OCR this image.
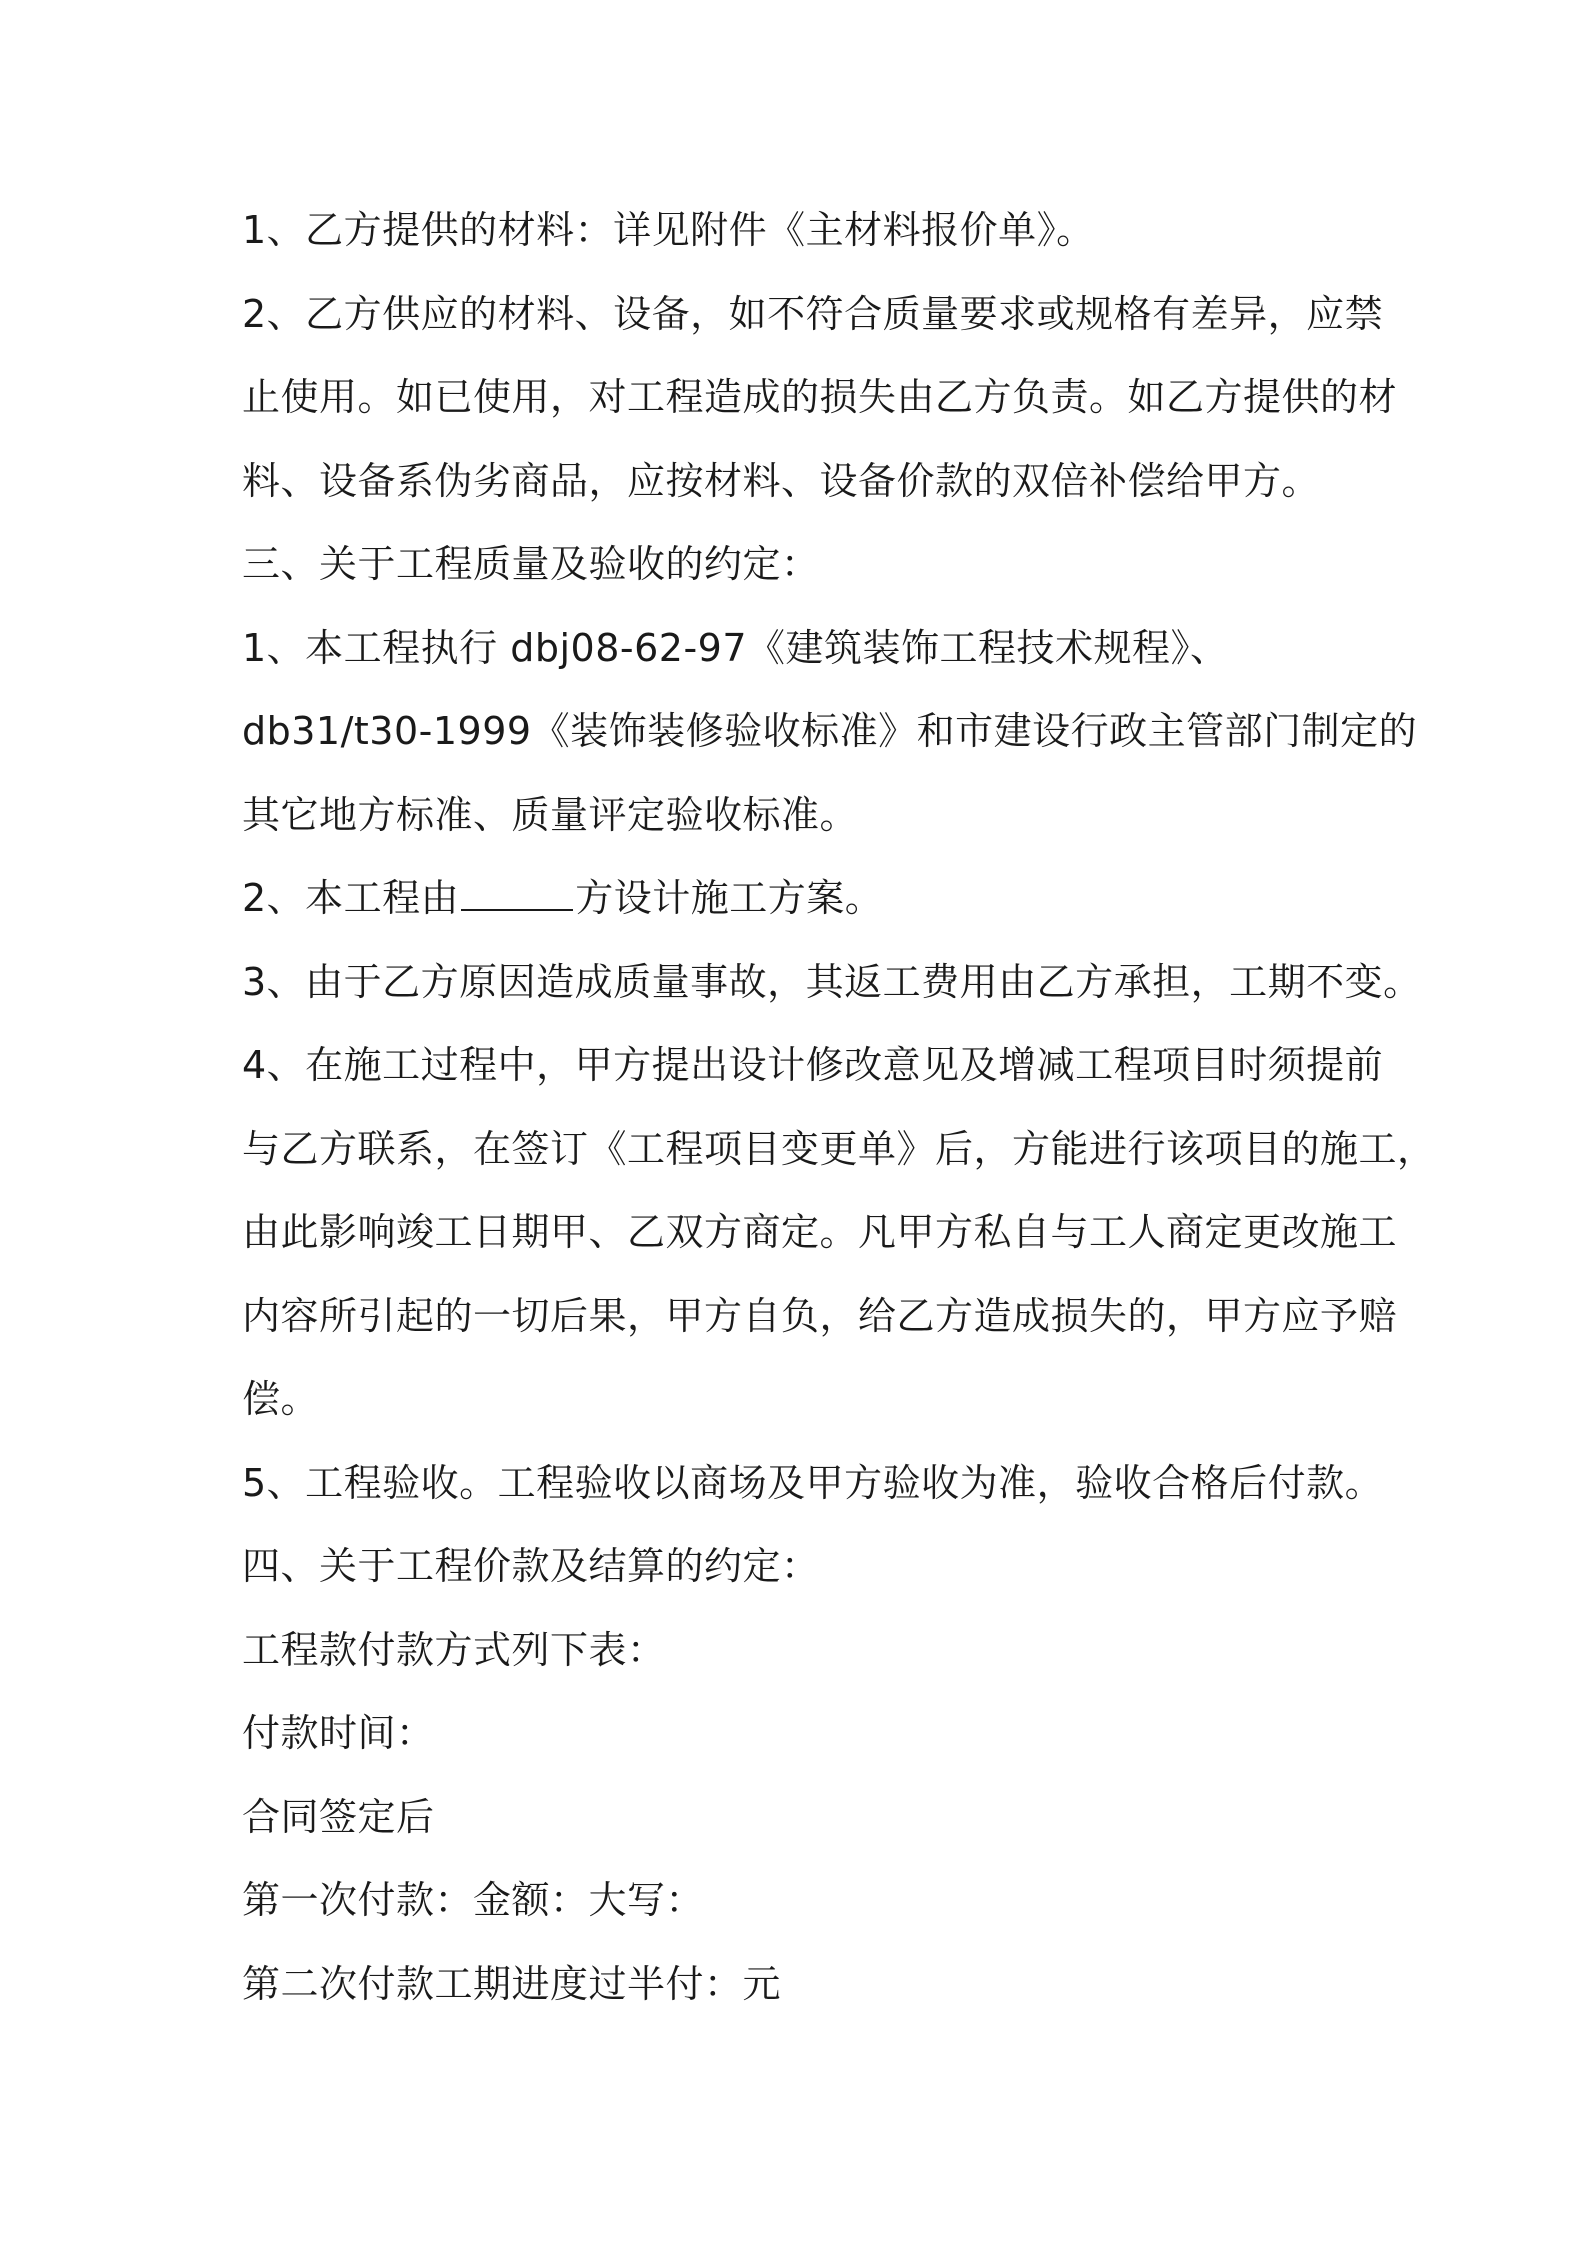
1、乙方提供的材料：详见附件《主材料报价单》。
2、乙方供应的材料、设备，如不符合质量要求或规格有差异，应禁
止使用。如已使用，对工程造成的损失由乙方负责。如乙方提供的材
料、设备系伪劣商品，应按材料、设备价款的双倍补偿给甲方。
三、关于工程质量及验收的约定：
1、本工程执行 dbj08-62-97《建筑装饰工程技术规程》、
db31/t30-1999《装饰装修验收标准》和市建设行政主管部门制定的
其它地方标准、质量评定验收标准。
2、本工程由	方设计施工方案。
3、由于乙方原因造成质量事故，其返工费用由乙方承担，工期不变。
4、在施工过程中，甲方提出设计修改意见及增减工程项目时须提前
与乙方联系，在签订《工程项目变更单》后，方能进行该项目的施工，
由此影响竣工日期甲、乙双方商定。凡甲方私自与工人商定更改施工
内容所引起的一切后果，甲方自负，给乙方造成损失的，甲方应予赔
偿。
5、工程验收。工程验收以商场及甲方验收为准，验收合格后付款。
四、关于工程价款及结算的约定：
工程款付款方式列下表：
付款时间：
合同签定后
第一次付款：金额：大写：
第二次付款工期进度过半付：元
